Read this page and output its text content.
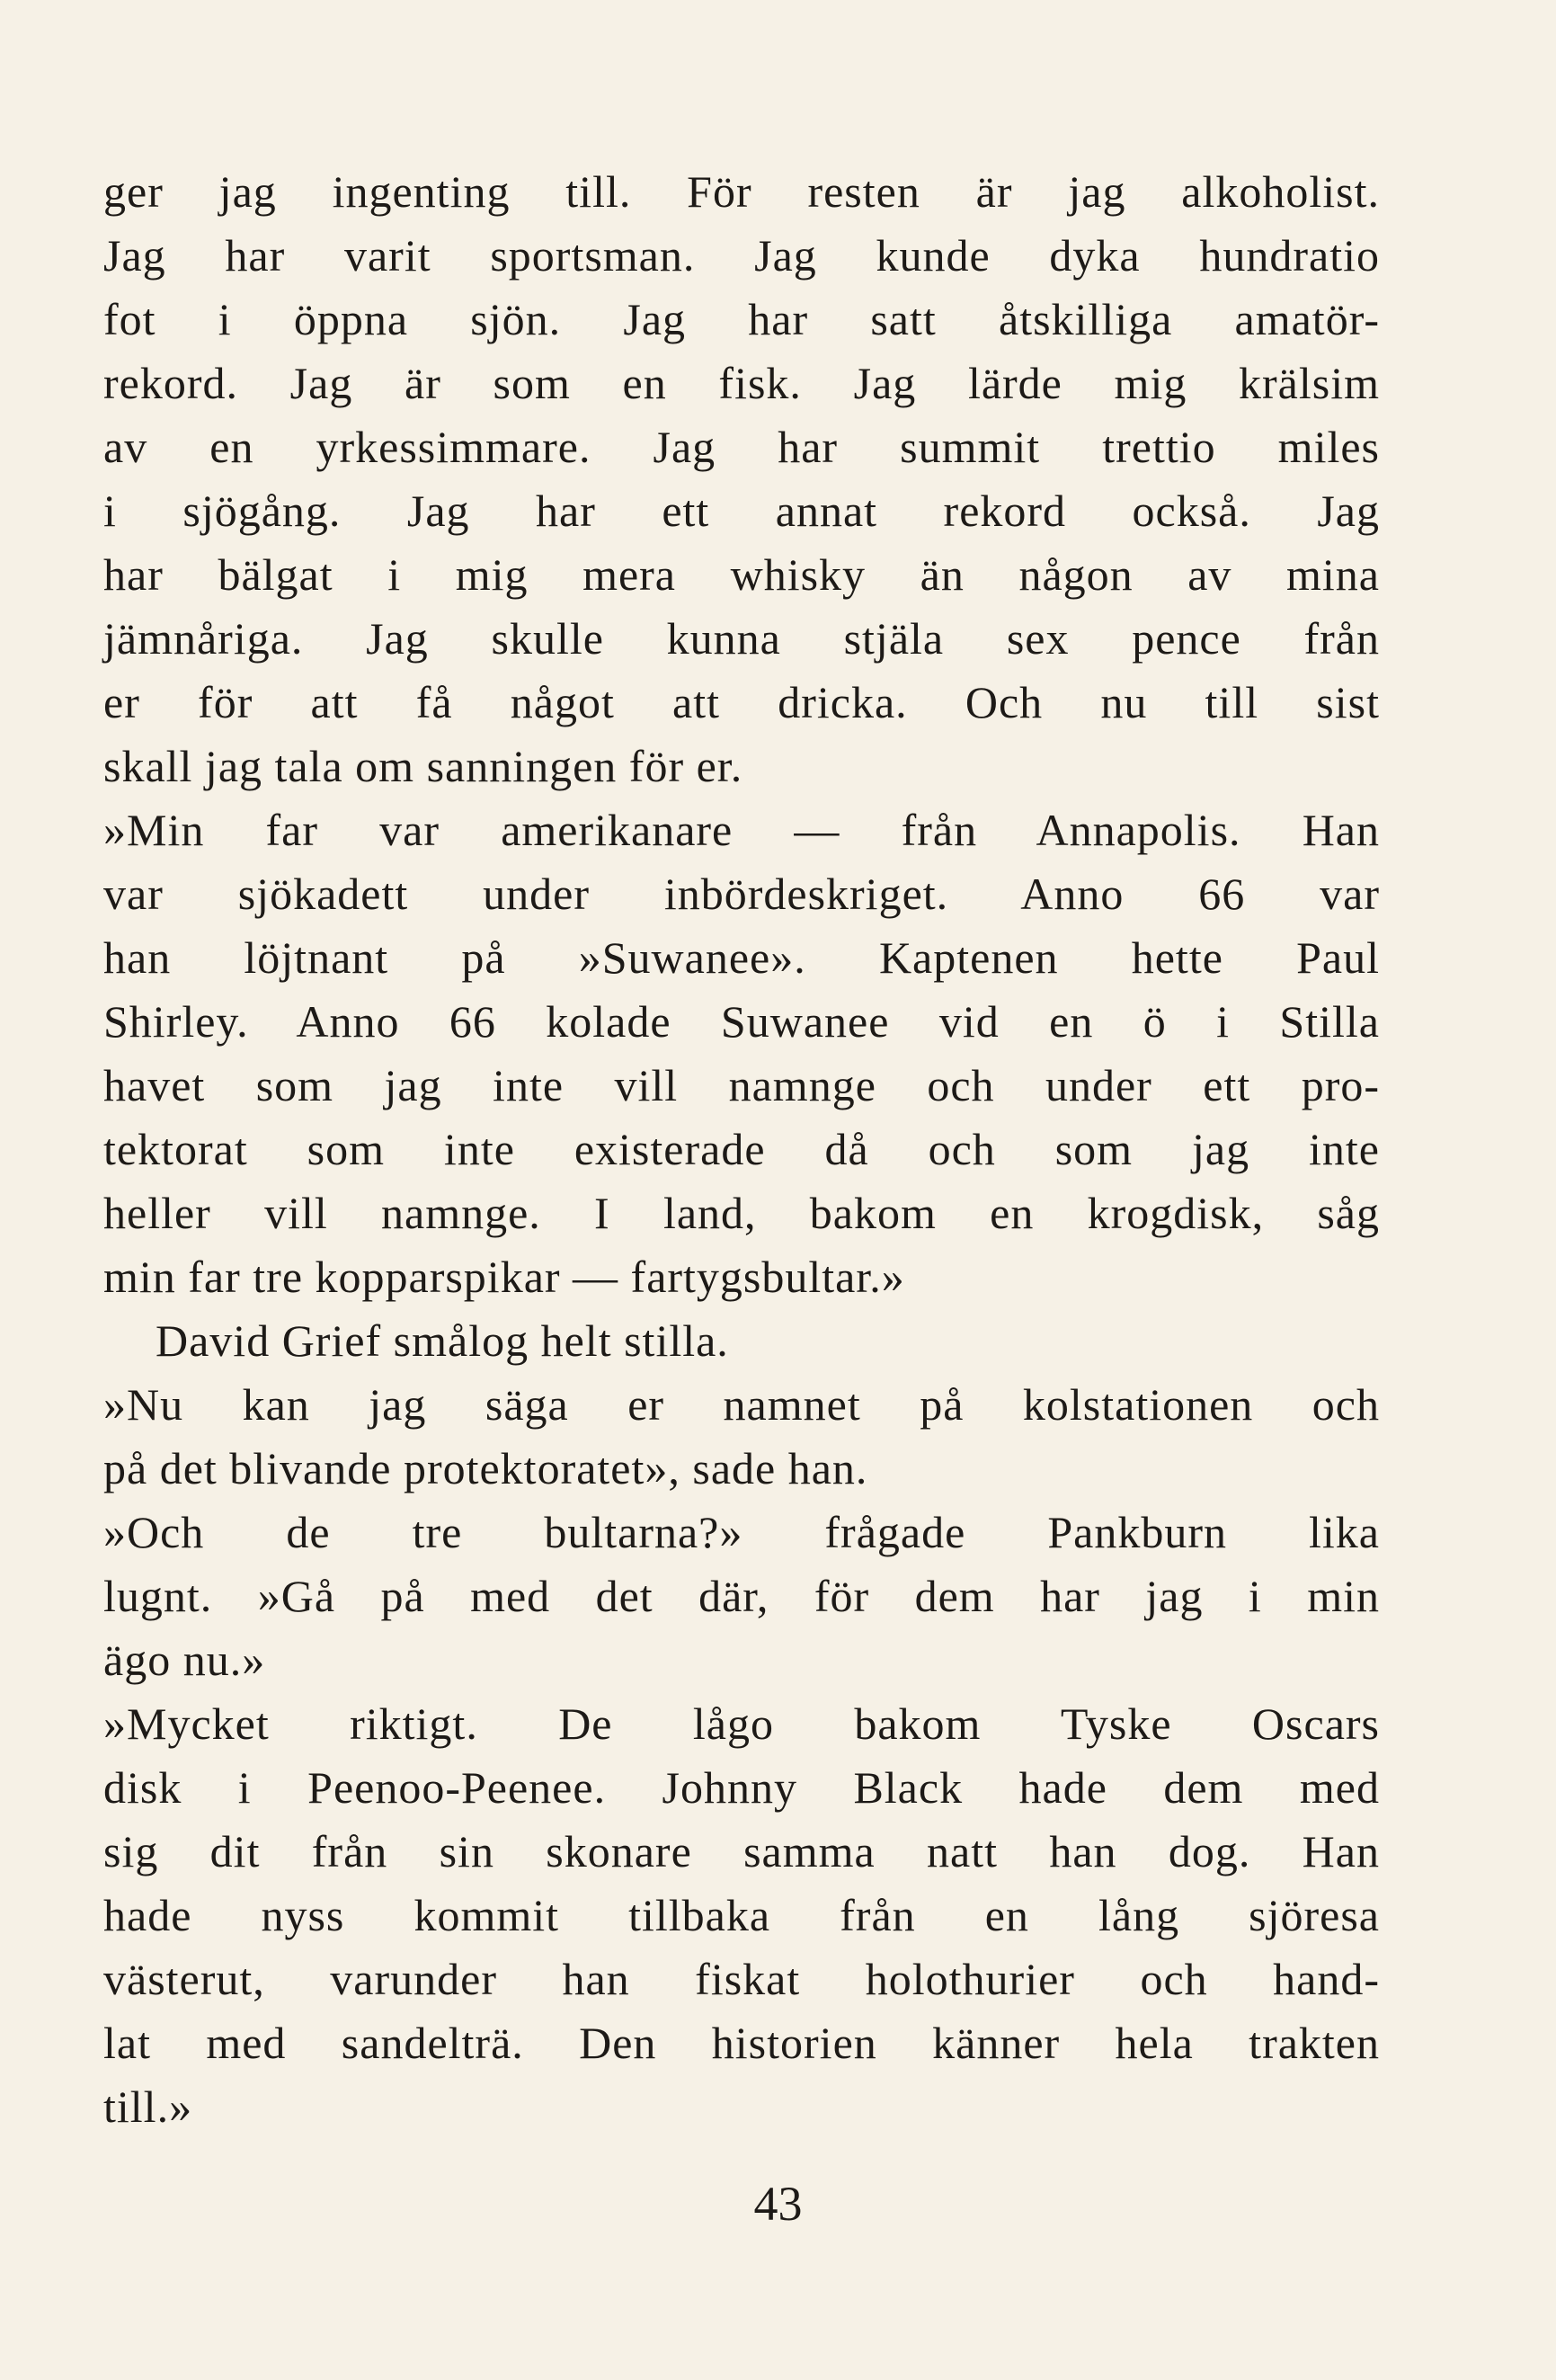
ger jag ingenting till. För resten är jag alkoholist.
Jag har varit sportsman. Jag kunde dyka hundratio
fot i öppna sjön. Jag har satt åtskilliga amatör-
rekord. Jag är som en fisk. Jag lärde mig krälsim
av en yrkessimmare. Jag har summit trettio miles
i sjögång. Jag har ett annat rekord också. Jag
har bälgat i mig mera whisky än någon av mina
jämnåriga. Jag skulle kunna stjäla sex pence från
er för att få något att dricka. Och nu till sist
skall jag tala om sanningen för er.
»Min far var amerikanare — från Annapolis. Han
var sjökadett under inbördeskriget. Anno 66 var
han löjtnant på »Suwanee». Kaptenen hette Paul
Shirley. Anno 66 kolade Suwanee vid en ö i Stilla
havet som jag inte vill namnge och under ett pro-
tektorat som inte existerade då och som jag inte
heller vill namnge. I land, bakom en krogdisk, såg
min far tre kopparspikar — fartygsbultar.»
David Grief smålog helt stilla.
»Nu kan jag säga er namnet på kolstationen och
på det blivande protektoratet», sade han.
»Och de tre bultarna?» frågade Pankburn lika
lugnt. »Gå på med det där, för dem har jag i min
ägo nu.»
»Mycket riktigt. De lågo bakom Tyske Oscars
disk i Peenoo-Peenee. Johnny Black hade dem med
sig dit från sin skonare samma natt han dog. Han
hade nyss kommit tillbaka från en lång sjöresa
västerut, varunder han fiskat holothurier och hand-
lat med sandelträ. Den historien känner hela trakten
till.»
43
